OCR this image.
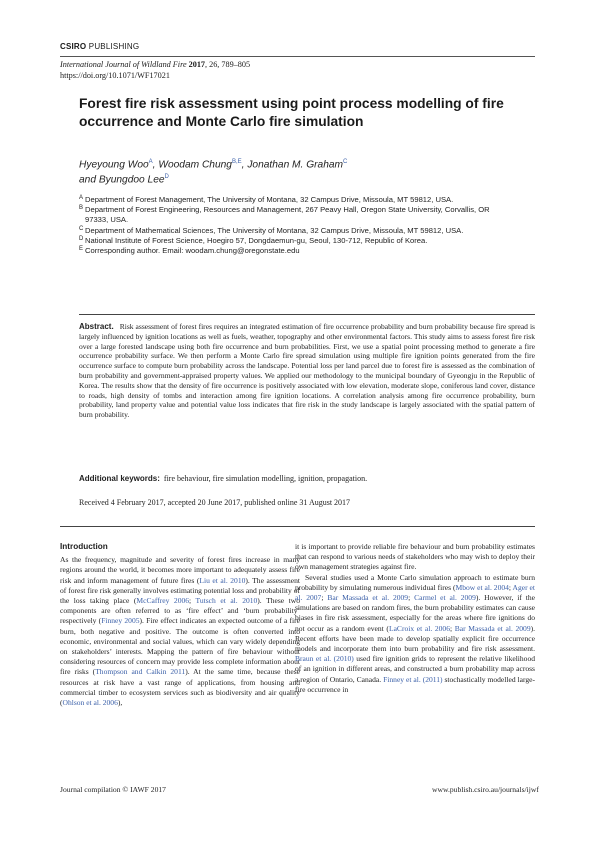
CSIRO PUBLISHING
International Journal of Wildland Fire 2017, 26, 789–805
https://doi.org/10.1071/WF17021
Forest fire risk assessment using point process modelling of fire occurrence and Monte Carlo fire simulation
Hyeyoung Woo$^A$, Woodam Chung$^{B,E}$, Jonathan M. Graham$^C$
and Byungdoo Lee$^D$
A Department of Forest Management, The University of Montana, 32 Campus Drive, Missoula, MT 59812, USA.
B Department of Forest Engineering, Resources and Management, 267 Peavy Hall, Oregon State University, Corvallis, OR 97333, USA.
C Department of Mathematical Sciences, The University of Montana, 32 Campus Drive, Missoula, MT 59812, USA.
D National Institute of Forest Science, Hoegiro 57, Dongdaemun-gu, Seoul, 130-712, Republic of Korea.
E Corresponding author. Email: woodam.chung@oregonstate.edu
Abstract. Risk assessment of forest fires requires an integrated estimation of fire occurrence probability and burn probability because fire spread is largely influenced by ignition locations as well as fuels, weather, topography and other environmental factors. This study aims to assess forest fire risk over a large forested landscape using both fire occurrence and burn probabilities. First, we use a spatial point processing method to generate a fire occurrence probability surface. We then perform a Monte Carlo fire spread simulation using multiple fire ignition points generated from the fire occurrence surface to compute burn probability across the landscape. Potential loss per land parcel due to forest fire is assessed as the combination of burn probability and government-appraised property values. We applied our methodology to the municipal boundary of Gyeongju in the Republic of Korea. The results show that the density of fire occurrence is positively associated with low elevation, moderate slope, coniferous land cover, distance to roads, high density of tombs and interaction among fire ignition locations. A correlation analysis among fire occurrence probability, burn probability, land property value and potential value loss indicates that fire risk in the study landscape is largely associated with the spatial pattern of burn probability.
Additional keywords: fire behaviour, fire simulation modelling, ignition, propagation.
Received 4 February 2017, accepted 20 June 2017, published online 31 August 2017
Introduction

As the frequency, magnitude and severity of forest fires increase in many regions around the world, it becomes more important to adequately assess fire risk and inform management of future fires (Liu et al. 2010). The assessment of forest fire risk generally involves estimating potential loss and probability of the loss taking place (McCaffrey 2006; Tutsch et al. 2010). These two components are often referred to as ‘fire effect’ and ‘burn probability’ respectively (Finney 2005). Fire effect indicates an expected outcome of a fire burn, both negative and positive. The outcome is often converted into economic, environmental and social values, which can vary widely depending on stakeholders’ interests. Mapping the pattern of fire behaviour without considering resources of concern may provide less complete information about fire risks (Thompson and Calkin 2011). At the same time, because these resources at risk have a vast range of applications, from housing and commercial timber to ecosystem services such as biodiversity and air quality (Ohlson et al. 2006),

it is important to provide reliable fire behaviour and burn probability estimates that can respond to various needs of stakeholders who may wish to deploy their own management strategies against fire.

Several studies used a Monte Carlo simulation approach to estimate burn probability by simulating numerous individual fires (Mbow et al. 2004; Ager et al. 2007; Bar Massada et al. 2009; Carmel et al. 2009). However, if the simulations are based on random fires, the burn probability estimates can cause biases in fire risk assessment, especially for the areas where fire ignitions do not occur as a random event (LaCroix et al. 2006; Bar Massada et al. 2009). Recent efforts have been made to develop spatially explicit fire occurrence models and incorporate them into burn probability and fire risk assessment. Braun et al. (2010) used fire ignition grids to represent the relative likelihood of an ignition in different areas, and constructed a burn probability map across a region of Ontario, Canada. Finney et al. (2011) stochastically modelled large-fire occurrence in

Journal compilation © IAWF 2017	www.publish.csiro.au/journals/ijwf
